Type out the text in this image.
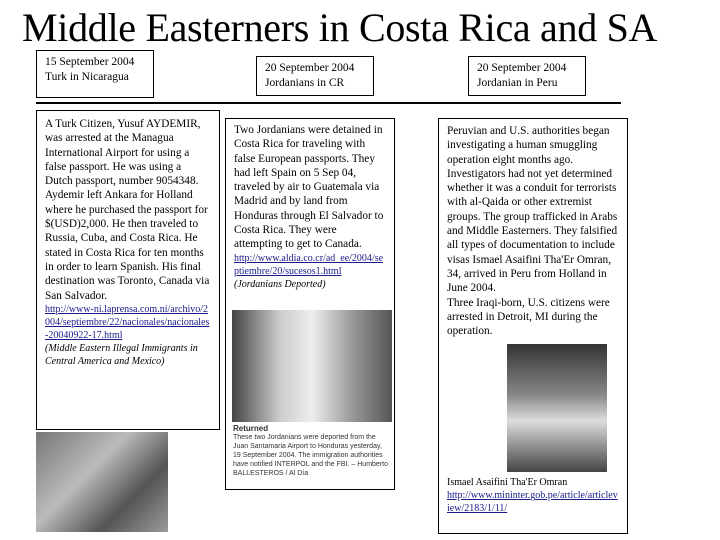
Middle Easterners in Costa Rica and SA
15 September 2004
Turk in Nicaragua
20 September 2004
Jordanians in CR
20 September 2004
Jordanian in Peru
A Turk Citizen, Yusuf AYDEMIR, was arrested at the Managua International Airport for using a false passport. He was using a Dutch passport, number 9054348. Aydemir left Ankara for Holland where he purchased the passport for $(USD)2,000. He then traveled to Russia, Cuba, and Costa Rica. He stated in Costa Rica for ten months in order to learn Spanish. His final destination was Toronto, Canada via San Salvador.
http://www-ni.laprensa.com.ni/archivo/2004/septiembre/22/nacionales/nacionales-20040922-17.html
(Middle Eastern Illegal Immigrants in Central America and Mexico)
Two Jordanians were detained in Costa Rica for traveling with false European passports. They had left Spain on 5 Sep 04, traveled by air to Guatemala via Madrid and by land from Honduras through El Salvador to Costa Rica. They were attempting to get to Canada.
http://www.aldia.co.cr/ad_ee/2004/septiembre/20/sucesos1.html
(Jordanians Deported)
Returned
These two Jordanians were deported from the Juan Santamaria Airport to Honduras yesterday, 19 September 2004. The immigration authorities have notified INTERPOL and the FBI. – Humberto BALLESTEROS / Al Día
Peruvian and U.S. authorities began investigating a human smuggling operation eight months ago. Investigators had not yet determined whether it was a conduit for terrorists with al-Qaida or other extremist groups. The group trafficked in Arabs and Middle Easterners. They falsified all types of documentation to include visas Ismael Asaifini Tha'Er Omran, 34, arrived in Peru from Holland in June 2004.
Three Iraqi-born, U.S. citizens were arrested in Detroit, MI during the operation.
Ismael Asaifini Tha'Er Omran
http://www.mininter.gob.pe/article/articleview/2183/1/11/
